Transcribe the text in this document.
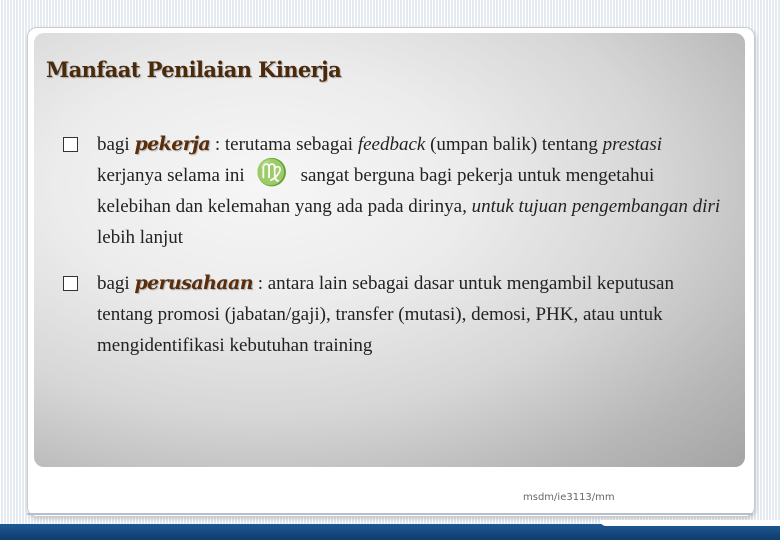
Manfaat Penilaian Kinerja
bagi pekerja : terutama sebagai feedback (umpan balik) tentang prestasi kerjanya selama ini ♍ sangat berguna bagi pekerja untuk mengetahui kelebihan dan kelemahan yang ada pada dirinya, untuk tujuan pengembangan diri lebih lanjut
bagi perusahaan : antara lain sebagai dasar untuk mengambil keputusan tentang promosi (jabatan/gaji), transfer (mutasi), demosi, PHK, atau untuk mengidentifikasi kebutuhan training
msdm/ie3113/mm
